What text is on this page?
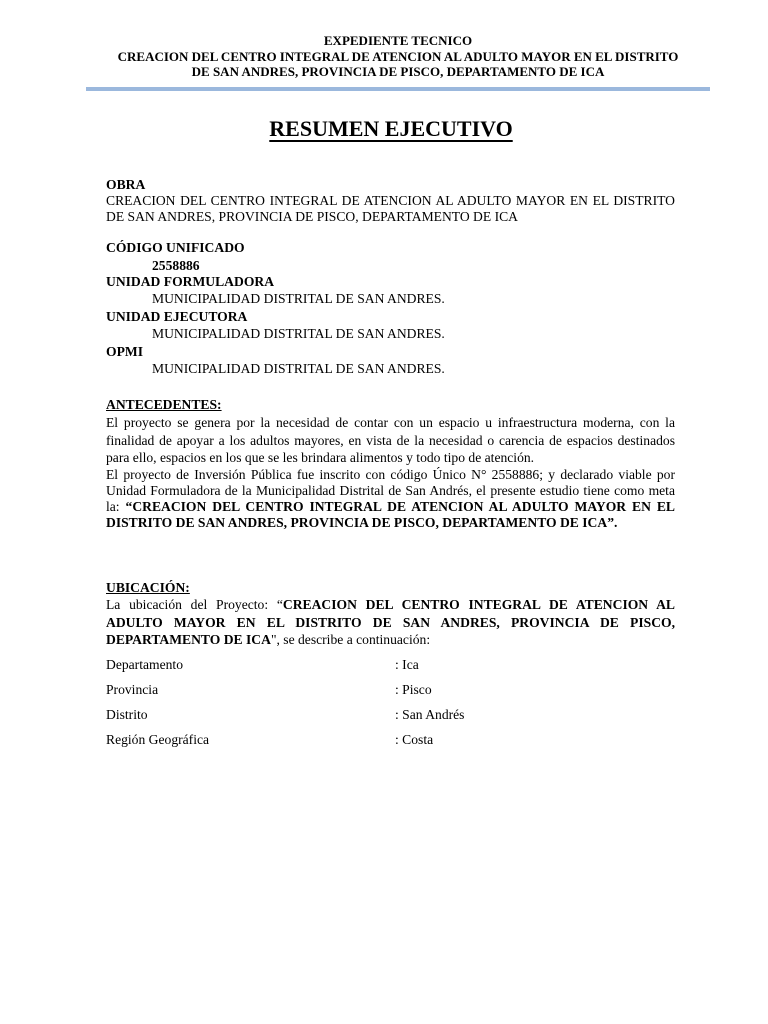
EXPEDIENTE TECNICO
CREACION DEL CENTRO INTEGRAL DE ATENCION AL ADULTO MAYOR EN EL DISTRITO
DE SAN ANDRES, PROVINCIA DE PISCO, DEPARTAMENTO DE ICA
RESUMEN EJECUTIVO
OBRA
CREACION DEL CENTRO INTEGRAL DE ATENCION AL ADULTO MAYOR EN EL DISTRITO DE SAN ANDRES, PROVINCIA DE PISCO, DEPARTAMENTO DE ICA
CÓDIGO UNIFICADO
2558886
UNIDAD FORMULADORA
MUNICIPALIDAD DISTRITAL DE SAN ANDRES.
UNIDAD EJECUTORA
MUNICIPALIDAD DISTRITAL DE SAN ANDRES.
OPMI
MUNICIPALIDAD DISTRITAL DE SAN ANDRES.
ANTECEDENTES:
El proyecto se genera por la necesidad de contar con un espacio u infraestructura moderna, con la finalidad de apoyar a los adultos mayores, en vista de la necesidad o carencia de espacios destinados para ello, espacios en los que se les brindara alimentos y todo tipo de atención.
El proyecto de Inversión Pública fue inscrito con código Único N° 2558886; y declarado viable por Unidad Formuladora de la Municipalidad Distrital de San Andrés, el presente estudio tiene como meta la: “CREACION DEL CENTRO INTEGRAL DE ATENCION AL ADULTO MAYOR EN EL DISTRITO DE SAN ANDRES, PROVINCIA DE PISCO, DEPARTAMENTO DE ICA”.
UBICACIÓN:
La ubicación del Proyecto: “CREACION DEL CENTRO INTEGRAL DE ATENCION AL ADULTO MAYOR EN EL DISTRITO DE SAN ANDRES, PROVINCIA DE PISCO, DEPARTAMENTO DE ICA", se describe a continuación:
Departamento	: Ica
Provincia	: Pisco
Distrito	: San Andrés
Región Geográfica	: Costa
